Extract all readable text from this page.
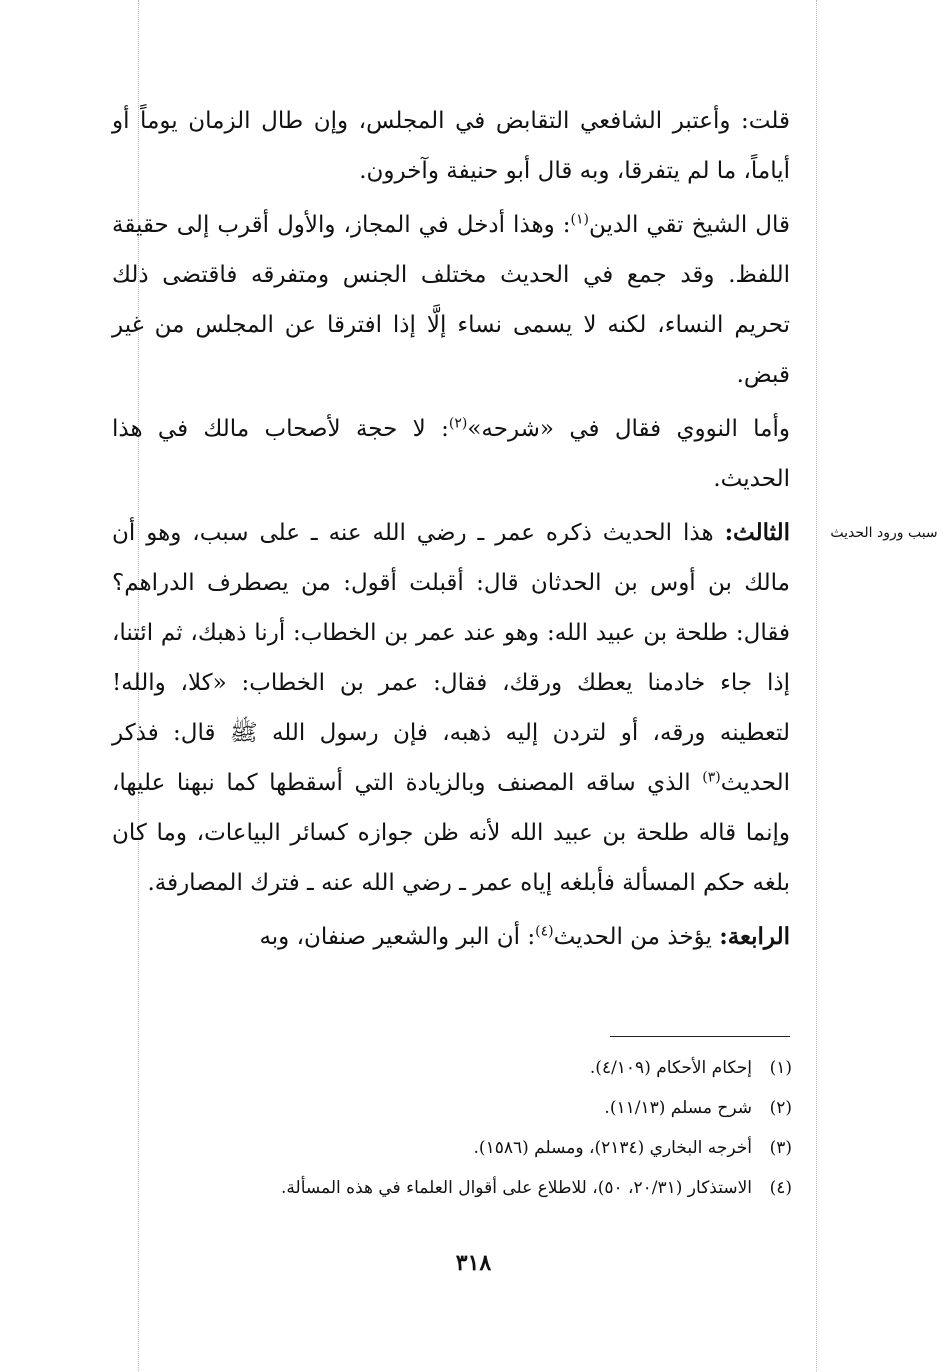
سبب ورود الحديث

قلت: وأعتبر الشافعي التقابض في المجلس، وإن طال الزمان يوماً أو أياماً، ما لم يتفرقا، وبه قال أبو حنيفة وآخرون.

قال الشيخ تقي الدين$^{(١)}$: وهذا أدخل في المجاز، والأول أقرب إلى حقيقة اللفظ. وقد جمع في الحديث مختلف الجنس ومتفرقه فاقتضى ذلك تحريم النساء، لكنه لا يسمى نساء إلَّا إذا افترقا عن المجلس من غير قبض.

وأما النووي فقال في «شرحه»$^{(٢)}$: لا حجة لأصحاب مالك في هذا الحديث.

الثالث: هذا الحديث ذكره عمر ـ رضي الله عنه ـ على سبب، وهو أن مالك بن أوس بن الحدثان قال: أقبلت أقول: من يصطرف الدراهم؟ فقال: طلحة بن عبيد الله: وهو عند عمر بن الخطاب: أرنا ذهبك، ثم ائتنا، إذا جاء خادمنا يعطك ورقك، فقال: عمر بن الخطاب: «كلا، والله! لتعطينه ورقه، أو لتردن إليه ذهبه، فإن رسول الله ﷺ قال: فذكر الحديث$^{(٣)}$ الذي ساقه المصنف وبالزيادة التي أسقطها كما نبهنا عليها، وإنما قاله طلحة بن عبيد الله لأنه ظن جوازه كسائر البياعات، وما كان بلغه حكم المسألة فأبلغه إياه عمر ـ رضي الله عنه ـ فترك المصارفة.

الرابعة: يؤخذ من الحديث$^{(٤)}$: أن البر والشعير صنفان، وبه

(١)
إحكام الأحكام (٤/١٠٩).
(٢)
شرح مسلم (١١/١٣).
(٣)
أخرجه البخاري (٢١٣٤)، ومسلم (١٥٨٦).
(٤)
الاستذكار (٢٠/٣١، ٥٠)، للاطلاع على أقوال العلماء في هذه المسألة.
٣١٨
